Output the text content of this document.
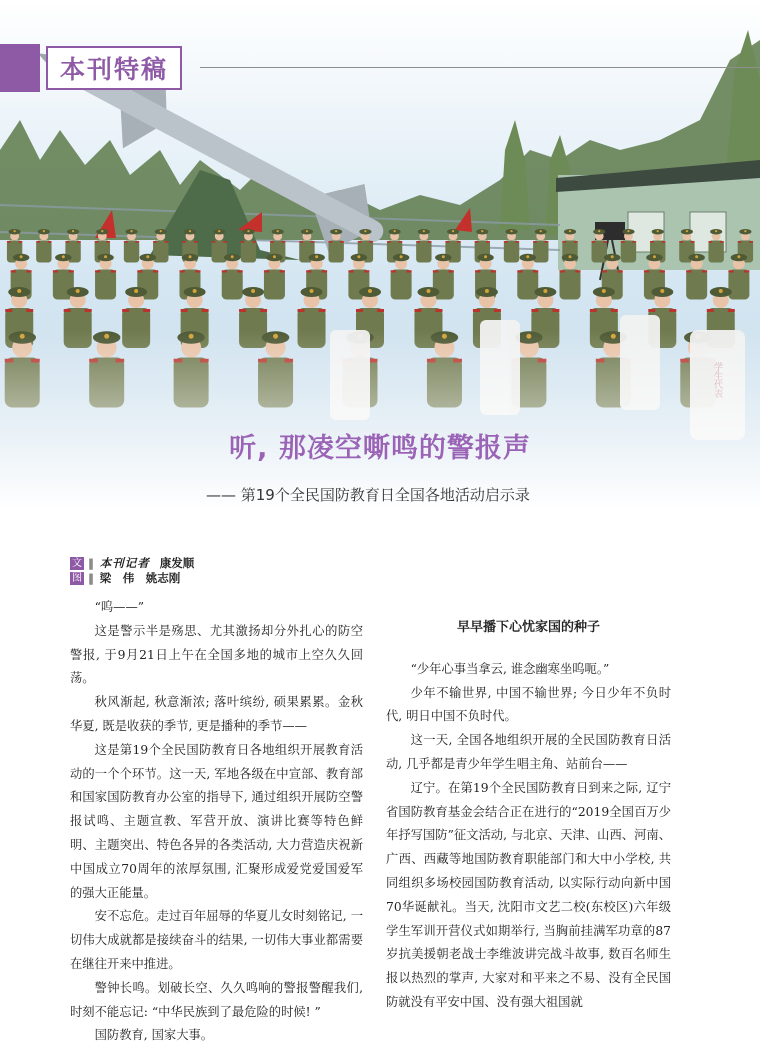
本刊特稿
听, 那凌空嘶鸣的警报声
—— 第19个全民国防教育日全国各地活动启示录
文 ‖ 本刊记者 康发顺
图 ‖ 梁　伟　姚志刚

“呜——”

这是警示半是殇思、尤其激扬却分外扎心的防空警报, 于9月21日上午在全国多地的城市上空久久回荡。

秋风渐起, 秋意渐浓; 落叶缤纷, 硕果累累。金秋华夏, 既是收获的季节, 更是播种的季节——

这是第19个全民国防教育日各地组织开展教育活动的一个个环节。这一天, 军地各级在中宣部、教育部和国家国防教育办公室的指导下, 通过组织开展防空警报试鸣、主题宣教、军营开放、演讲比赛等特色鲜明、主题突出、特色各异的各类活动, 大力营造庆祝新中国成立70周年的浓厚氛围, 汇聚形成爱党爱国爱军的强大正能量。

安不忘危。走过百年屈辱的华夏儿女时刻铭记, 一切伟大成就都是接续奋斗的结果, 一切伟大事业都需要在继往开来中推进。

警钟长鸣。划破长空、久久鸣响的警报警醒我们, 时刻不能忘记: “中华民族到了最危险的时候! ”

国防教育, 国家大事。

早早播下心忧家国的种子

“少年心事当拿云, 谁念幽寒坐呜呃。”

少年不输世界, 中国不输世界; 今日少年不负时代, 明日中国不负时代。

这一天, 全国各地组织开展的全民国防教育日活动, 几乎都是青少年学生唱主角、站前台——

辽宁。在第19个全民国防教育日到来之际, 辽宁省国防教育基金会结合正在进行的“2019全国百万少年抒写国防”征文活动, 与北京、天津、山西、河南、广西、西藏等地国防教育职能部门和大中小学校, 共同组织多场校园国防教育活动, 以实际行动向新中国70华诞献礼。当天, 沈阳市文艺二校(东校区)六年级学生军训开营仪式如期举行, 当胸前挂满军功章的87岁抗美援朝老战士李维波讲完战斗故事, 数百名师生报以热烈的掌声, 大家对和平来之不易、没有全民国防就没有平安中国、没有强大祖国就
